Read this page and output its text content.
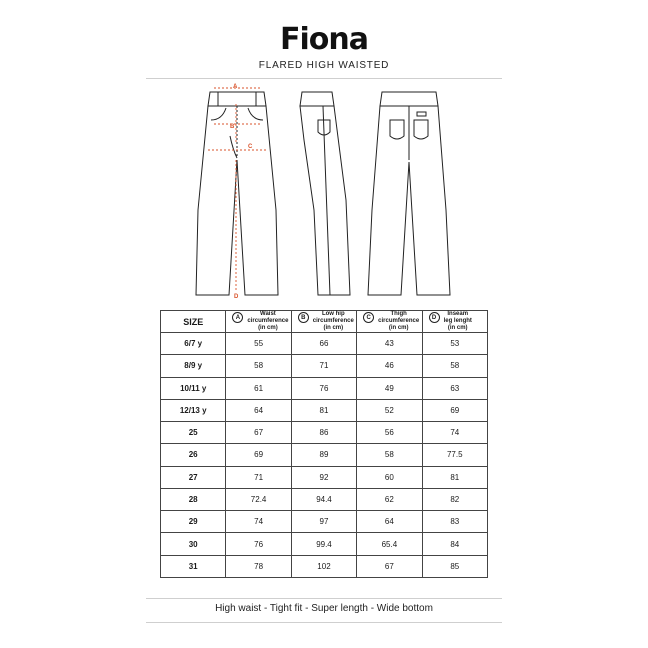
Fiona
FLARED HIGH WAISTED
A
B
C
D
SIZE	A
Waist
circumference
(in cm)	B
Low hip
circumference
(in cm)	C
Thigh
circumference
(in cm)	D
Inseam
leg lenght
(in cm)

6/7 y	55	66	43	53
8/9 y	58	71	46	58
10/11 y	61	76	49	63
12/13 y	64	81	52	69
25	67	86	56	74
26	69	89	58	77.5
27	71	92	60	81
28	72.4	94.4	62	82
29	74	97	64	83
30	76	99.4	65.4	84
31	78	102	67	85
High waist - Tight fit - Super length - Wide bottom
